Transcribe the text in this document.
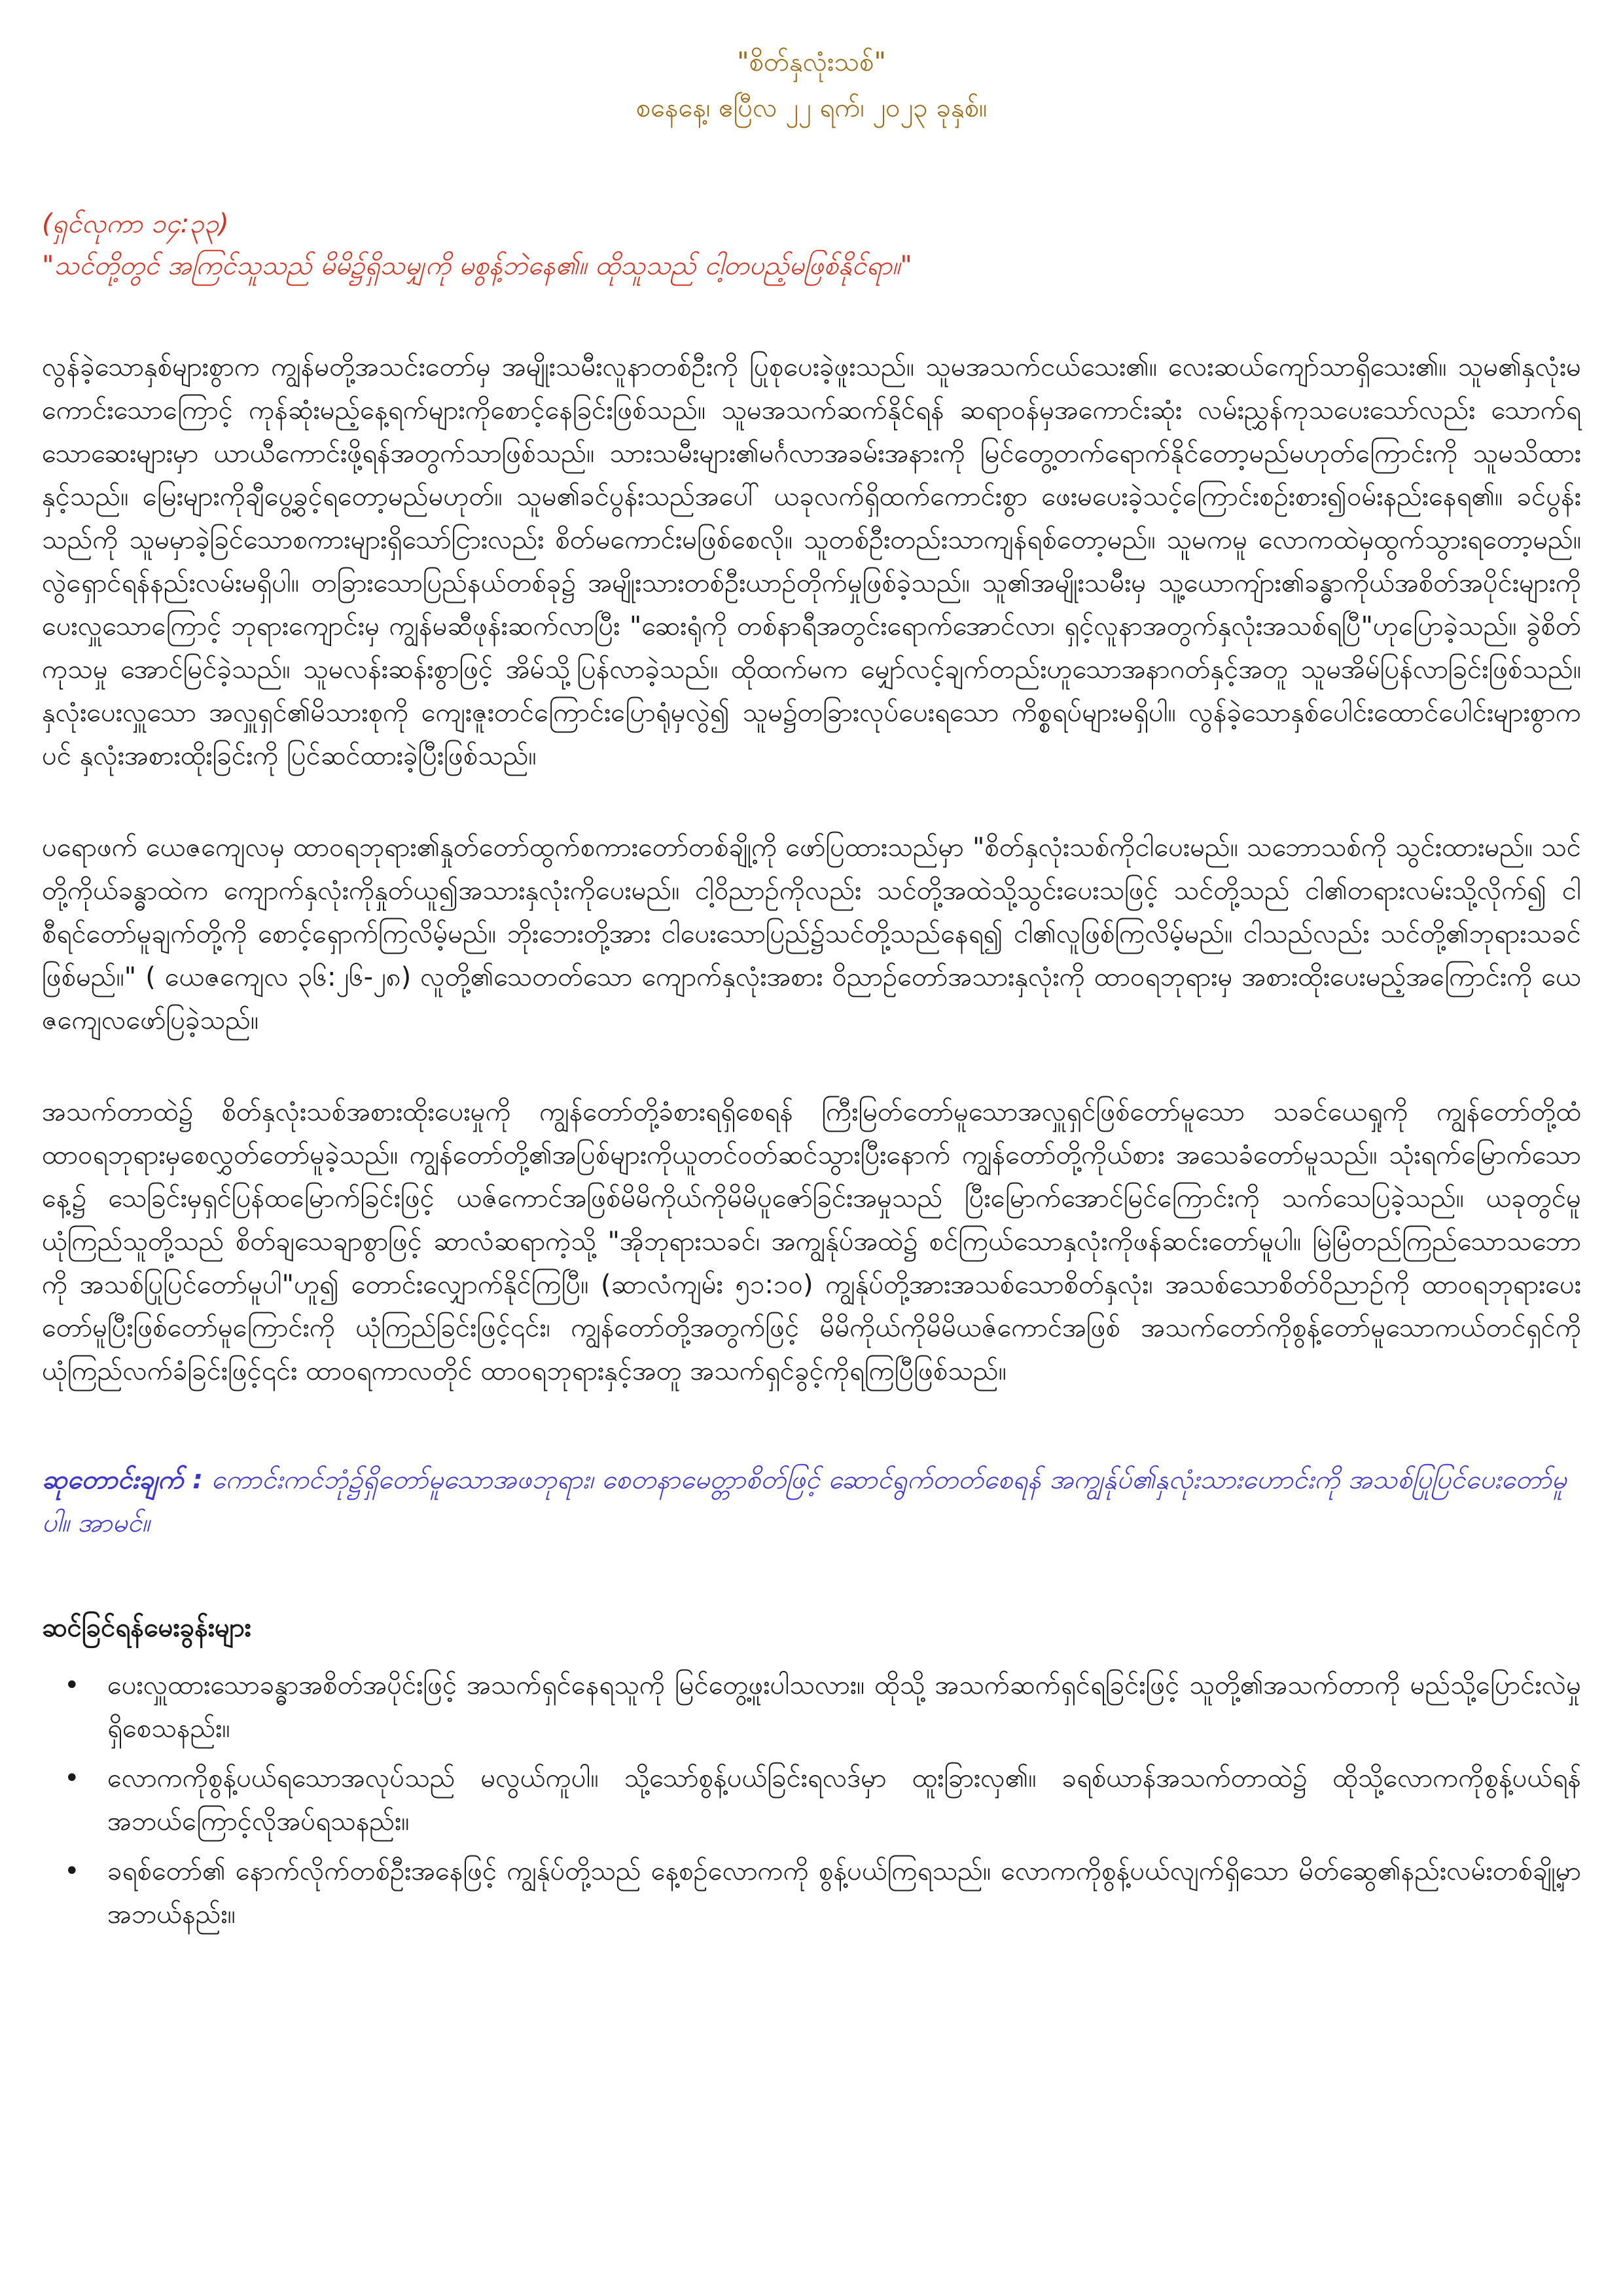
"စိတ်နှလုံးသစ်"
စနေနေ့၊ ဧပြီလ ၂၂ ရက်၊ ၂၀၂၃ ခုနှစ်။
(ရှင်လုကာ ၁၄:၃၃)
"သင်တို့တွင် အကြင်သူသည် မိမိ၌ရှိသမျှကို မစွန့်ဘဲနေ၏။ ထိုသူသည် ငါ့တပည့်မဖြစ်နိုင်ရာ။"

လွန်ခဲ့သောနှစ်များစွာက ကျွန်မတို့အသင်းတော်မှ အမျိုးသမီးလူနာတစ်ဦးကို ပြုစုပေးခဲ့ဖူးသည်။ သူမအသက်ငယ်သေး၏။ လေးဆယ်ကျော်သာရှိသေး၏။ သူမ၏နှလုံးမကောင်းသောကြောင့် ကုန်ဆုံးမည့်နေ့ရက်များကိုစောင့်နေခြင်းဖြစ်သည်။ သူမအသက်ဆက်နိုင်ရန် ဆရာဝန်မှအကောင်းဆုံး လမ်းညွှန်ကုသပေးသော်လည်း သောက်ရသောဆေးများမှာ ယာယီကောင်းဖို့ရန်အတွက်သာဖြစ်သည်။ သားသမီးများ၏မင်္ဂလာအခမ်းအနားကို မြင်တွေ့တက်ရောက်နိုင်တော့မည်မဟုတ်ကြောင်းကို သူမသိထားနှင့်သည်။ မြေးများကိုချီပွေ့ခွင့်ရတော့မည်မဟုတ်။ သူမ၏ခင်ပွန်းသည်အပေါ် ယခုလက်ရှိထက်ကောင်းစွာ ဖေးမပေးခဲ့သင့်ကြောင်းစဉ်းစား၍ဝမ်းနည်းနေရ၏။ ခင်ပွန်းသည်ကို သူမမှာခဲ့ခြင်သောစကားများရှိသော်ငြားလည်း စိတ်မကောင်းမဖြစ်စေလို။ သူတစ်ဦးတည်းသာကျန်ရစ်တော့မည်။ သူမကမူ လောကထဲမှထွက်သွားရတော့မည်။ လွဲရှောင်ရန်နည်းလမ်းမရှိပါ။ တခြားသောပြည်နယ်တစ်ခု၌ အမျိုးသားတစ်ဦးယာဉ်တိုက်မှုဖြစ်ခဲ့သည်။ သူ၏အမျိုးသမီးမှ သူ့ယောကျ်ား၏ခန္ဓာကိုယ်အစိတ်အပိုင်းများကို ပေးလှူသောကြောင့် ဘုရားကျောင်းမှ ကျွန်မဆီဖုန်းဆက်လာပြီး "ဆေးရုံကို တစ်နာရီအတွင်းရောက်အောင်လာ၊ ရှင့်လူနာအတွက်နှလုံးအသစ်ရပြီ"ဟုပြောခဲ့သည်။ ခွဲစိတ်ကုသမှု အောင်မြင်ခဲ့သည်။ သူမလန်းဆန်းစွာဖြင့် အိမ်သို့ပြန်လာခဲ့သည်။ ထိုထက်မက မျှော်လင့်ချက်တည်းဟူသောအနာဂတ်နှင့်အတူ သူမအိမ်ပြန်လာခြင်းဖြစ်သည်။ နှလုံးပေးလှူသော အလှူရှင်၏မိသားစုကို ကျေးဇူးတင်ကြောင်းပြောရုံမှလွဲ၍ သူမ၌တခြားလုပ်ပေးရသော ကိစ္စရပ်များမရှိပါ။ လွန်ခဲ့သောနှစ်ပေါင်းထောင်ပေါင်းများစွာကပင် နှလုံးအစားထိုးခြင်းကို ပြင်ဆင်ထားခဲ့ပြီးဖြစ်သည်။

ပရောဖက် ယေဇကျေလမှ ထာဝရဘုရား၏နှုတ်တော်ထွက်စကားတော်တစ်ချို့ကို ဖော်ပြထားသည်မှာ "စိတ်နှလုံးသစ်ကိုငါပေးမည်။ သဘောသစ်ကို သွင်းထားမည်။ သင်တို့ကိုယ်ခန္ဓာထဲက ကျောက်နှလုံးကိုနှုတ်ယူ၍အသားနှလုံးကိုပေးမည်။ ငါ့ဝိညာဉ်ကိုလည်း သင်တို့အထဲသို့သွင်းပေးသဖြင့် သင်တို့သည် ငါ၏တရားလမ်းသို့လိုက်၍ ငါစီရင်တော်မူချက်တို့ကို စောင့်ရှောက်ကြလိမ့်မည်။ ဘိုးဘေးတို့အား ငါပေးသောပြည်၌သင်တို့သည်နေရ၍ ငါ၏လူဖြစ်ကြလိမ့်မည်။ ငါသည်လည်း သင်တို့၏ဘုရားသခင်ဖြစ်မည်။" ( ယေဇကျေလ ၃၆:၂၆-၂၈) လူတို့၏သေတတ်သော ကျောက်နှလုံးအစား ဝိညာဉ်တော်အသားနှလုံးကို ထာဝရဘုရားမှ အစားထိုးပေးမည့်အကြောင်းကို ယေဇကျေလဖော်ပြခဲ့သည်။

အသက်တာထဲ၌ စိတ်နှလုံးသစ်အစားထိုးပေးမှုကို ကျွန်တော်တို့ခံစားရရှိစေရန် ကြီးမြတ်တော်မူသောအလှူရှင်ဖြစ်တော်မူသော သခင်ယေရှုကို ကျွန်တော်တို့ထံ ထာဝရဘုရားမှစေလွှတ်တော်မူခဲ့သည်။ ကျွန်တော်တို့၏အပြစ်များကိုယူတင်ဝတ်ဆင်သွားပြီးနောက် ကျွန်တော်တို့ကိုယ်စား အသေခံတော်မူသည်။ သုံးရက်မြောက်သောနေ့၌ သေခြင်းမှရှင်ပြန်ထမြောက်ခြင်းဖြင့် ယဇ်ကောင်အဖြစ်မိမိကိုယ်ကိုမိမိပူဇော်ခြင်းအမှုသည် ပြီးမြောက်အောင်မြင်ကြောင်းကို သက်သေပြခဲ့သည်။ ယခုတွင်မူ ယုံကြည်သူတို့သည် စိတ်ချသေချာစွာဖြင့် ဆာလံဆရာကဲ့သို့ "အိုဘုရားသခင်၊ အကျွန်ုပ်အထဲ၌ စင်ကြယ်သောနှလုံးကိုဖန်ဆင်းတော်မူပါ။ မြဲမြံတည်ကြည်သောသဘောကို အသစ်ပြုပြင်တော်မူပါ"ဟူ၍ တောင်းလျှောက်နိုင်ကြပြီ။ (ဆာလံကျမ်း ၅၁:၁၀) ကျွန်ုပ်တို့အားအသစ်သောစိတ်နှလုံး၊ အသစ်သောစိတ်ဝိညာဉ်ကို ထာဝရဘုရားပေးတော်မူပြီးဖြစ်တော်မူကြောင်းကို ယုံကြည်ခြင်းဖြင့်၎င်း၊ ကျွန်တော်တို့အတွက်ဖြင့် မိမိကိုယ်ကိုမိမိယဇ်ကောင်အဖြစ် အသက်တော်ကိုစွန့်တော်မူသောကယ်တင်ရှင်ကို ယုံကြည်လက်ခံခြင်းဖြင့်၎င်း ထာဝရကာလတိုင် ထာဝရဘုရားနှင့်အတူ အသက်ရှင်ခွင့်ကိုရကြပြီဖြစ်သည်။

ဆုတောင်းချက် : ကောင်းကင်ဘုံ၌ရှိတော်မူသောအဖဘုရား၊ စေတနာမေတ္တာစိတ်ဖြင့် ဆောင်ရွက်တတ်စေရန် အကျွန်ုပ်၏နှလုံးသားဟောင်းကို အသစ်ပြုပြင်ပေးတော်မူပါ။ အာမင်။
ဆင်ခြင်ရန်မေးခွန်းများ
• ပေးလှူထားသောခန္ဓာအစိတ်အပိုင်းဖြင့် အသက်ရှင်နေရသူကို မြင်တွေ့ဖူးပါသလား။ ထိုသို့ အသက်ဆက်ရှင်ရခြင်းဖြင့် သူတို့၏အသက်တာကို မည်သို့ပြောင်းလဲမှုရှိစေသနည်း။
• လောကကိုစွန့်ပယ်ရသောအလုပ်သည် မလွယ်ကူပါ။ သို့သော်စွန့်ပယ်ခြင်းရလဒ်မှာ ထူးခြားလှ၏။ ခရစ်ယာန်အသက်တာထဲ၌ ထိုသို့လောကကိုစွန့်ပယ်ရန် အဘယ်ကြောင့်လိုအပ်ရသနည်း။
• ခရစ်တော်၏ နောက်လိုက်တစ်ဦးအနေဖြင့် ကျွန်ုပ်တို့သည် နေ့စဉ်လောကကို စွန့်ပယ်ကြရသည်။ လောကကိုစွန့်ပယ်လျက်ရှိသော မိတ်ဆွေ၏နည်းလမ်းတစ်ချို့မှာအဘယ်နည်း။
